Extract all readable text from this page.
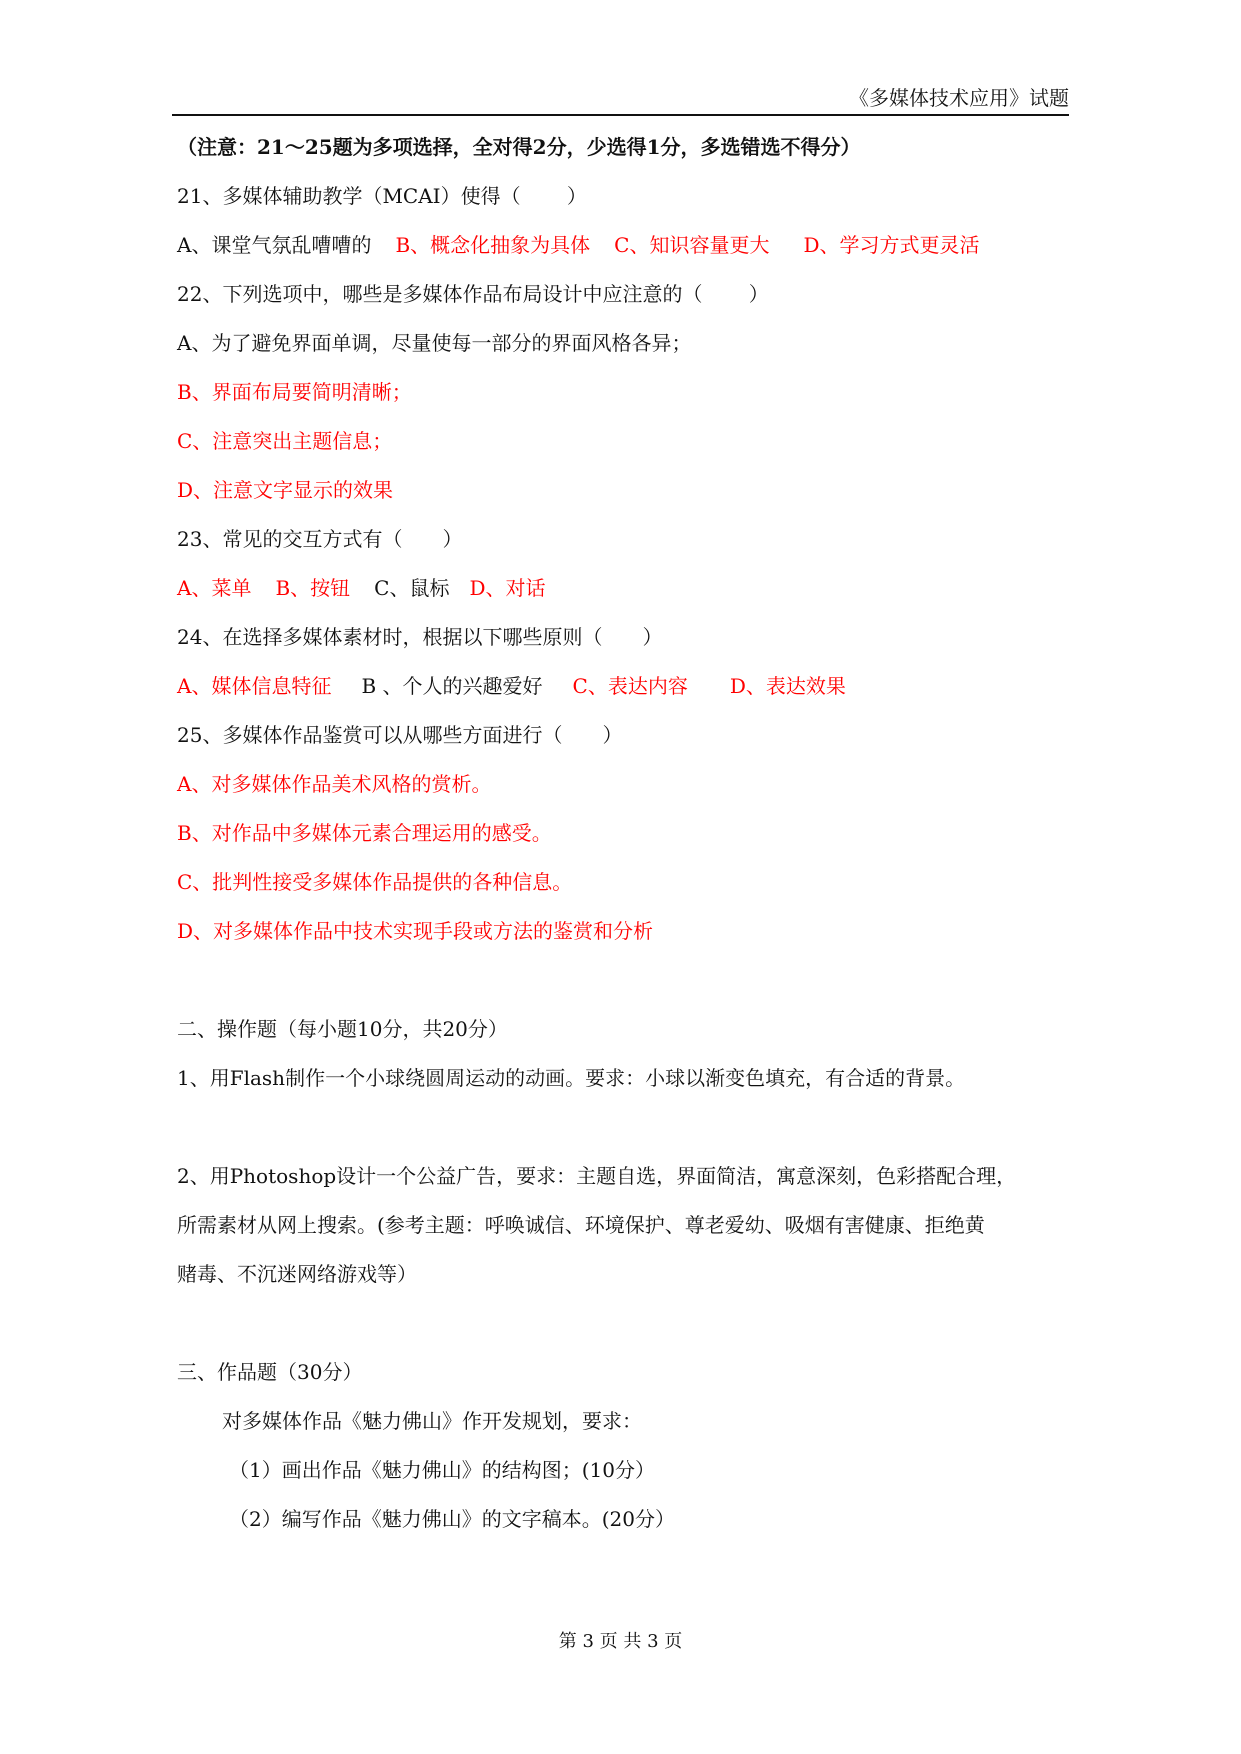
《多媒体技术应用》试题
（注意：21～25题为多项选择，全对得2分，少选得1分，多选错选不得分）
21、多媒体辅助教学（MCAI）使得（ 　　）
A、课堂气氛乱嘈嘈的 B、概念化抽象为具体 C、知识容量更大 D、学习方式更灵活
22、下列选项中，哪些是多媒体作品布局设计中应注意的（ 　　）
A、为了避免界面单调，尽量使每一部分的界面风格各异；
B、界面布局要简明清晰；
C、注意突出主题信息；
D、注意文字显示的效果
23、常见的交互方式有（　　）
A、菜单 B、按钮 C、鼠标 D、对话
24、在选择多媒体素材时，根据以下哪些原则（　　）
A、媒体信息特征 B 、个人的兴趣爱好 C、表达内容 D、表达效果
25、多媒体作品鉴赏可以从哪些方面进行（　　）
A、对多媒体作品美术风格的赏析。
B、对作品中多媒体元素合理运用的感受。
C、批判性接受多媒体作品提供的各种信息。
D、对多媒体作品中技术实现手段或方法的鉴赏和分析
二、操作题（每小题10分，共20分）
1、用Flash制作一个小球绕圆周运动的动画。要求：小球以渐变色填充，有合适的背景。
2、用Photoshop设计一个公益广告，要求：主题自选，界面简洁，寓意深刻，色彩搭配合理，
所需素材从网上搜索。(参考主题：呼唤诚信、环境保护、尊老爱幼、吸烟有害健康、拒绝黄
赌毒、不沉迷网络游戏等）
三、作品题（30分）
对多媒体作品《魅力佛山》作开发规划，要求：
（1）画出作品《魅力佛山》的结构图；(10分）
（2）编写作品《魅力佛山》的文字稿本。(20分）
第 3 页 共 3 页
